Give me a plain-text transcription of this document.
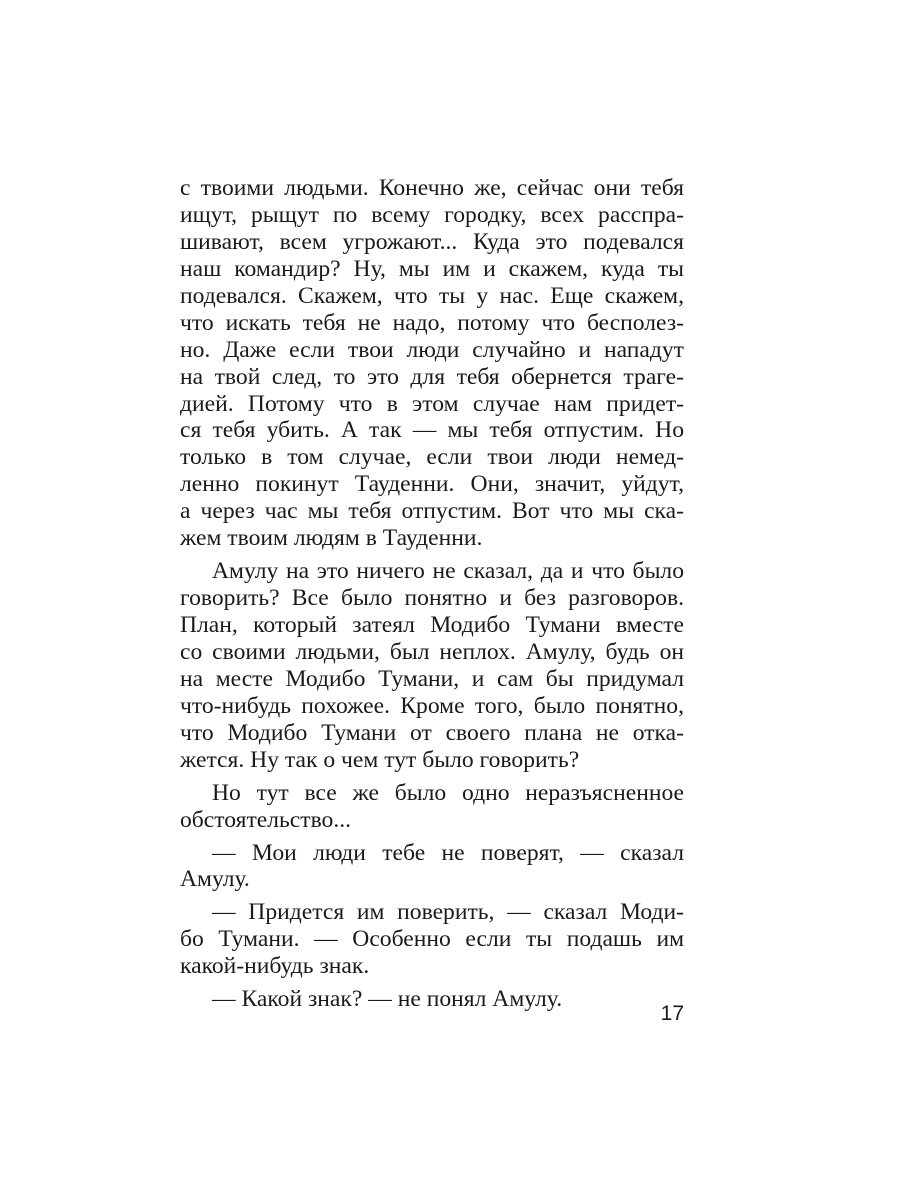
с твоими людьми. Конечно же, сейчас они тебя
ищут, рыщут по всему городку, всех расспра-
шивают, всем угрожают... Куда это подевался
наш командир? Ну, мы им и скажем, куда ты
подевался. Скажем, что ты у нас. Еще скажем,
что искать тебя не надо, потому что бесполез-
но. Даже если твои люди случайно и нападут
на твой след, то это для тебя обернется траге-
дией. Потому что в этом случае нам придет-
ся тебя убить. А так — мы тебя отпустим. Но
только в том случае, если твои люди немед-
ленно покинут Тауденни. Они, значит, уйдут,
а через час мы тебя отпустим. Вот что мы ска-
жем твоим людям в Тауденни.
Амулу на это ничего не сказал, да и что было
говорить? Все было понятно и без разговоров.
План, который затеял Модибо Тумани вместе
со своими людьми, был неплох. Амулу, будь он
на месте Модибо Тумани, и сам бы придумал
что-нибудь похожее. Кроме того, было понятно,
что Модибо Тумани от своего плана не отка-
жется. Ну так о чем тут было говорить?
Но тут все же было одно неразъясненное
обстоятельство...
— Мои люди тебе не поверят, — сказал
Амулу.
— Придется им поверить, — сказал Моди-
бо Тумани. — Особенно если ты подашь им
какой-нибудь знак.
— Какой знак? — не понял Амулу.
17
